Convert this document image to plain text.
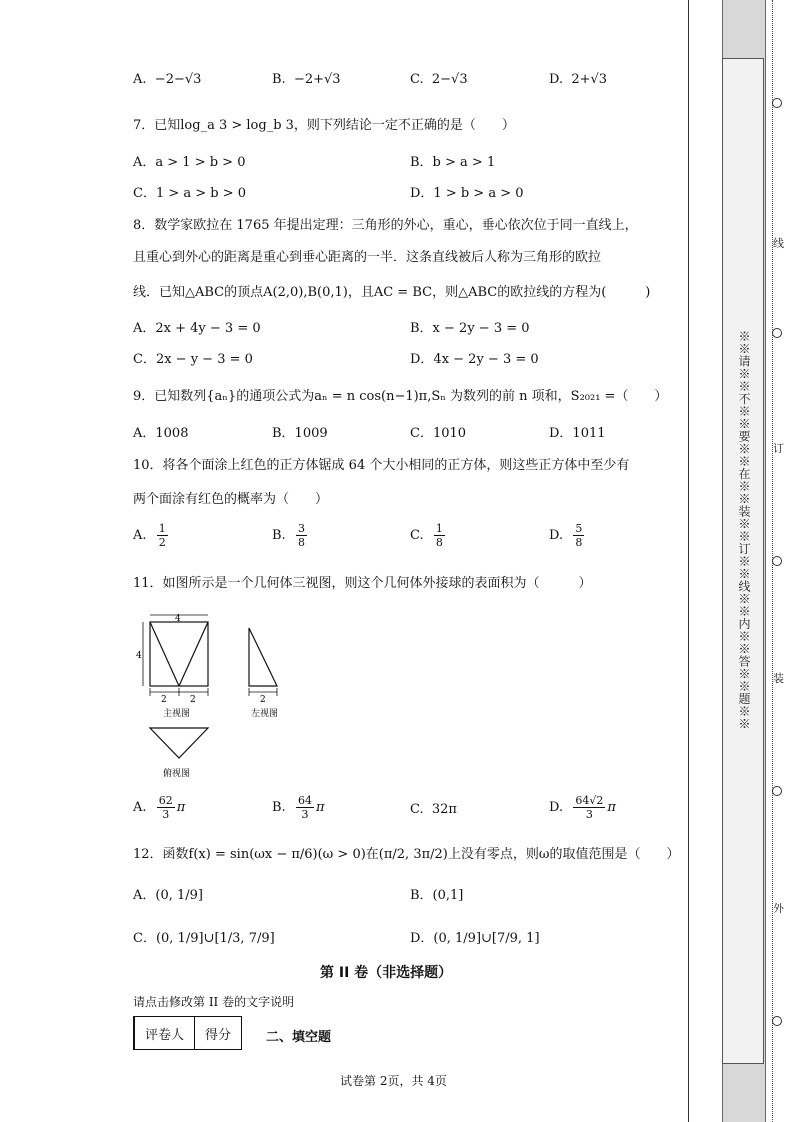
A. −2−√3	B. −2+√3	C. 2−√3	D. 2+√3
7．已知log_a 3 > log_b 3，则下列结论一定不正确的是（　　）
A．a > 1 > b > 0	B．b > a > 1
C．1 > a > b > 0	D．1 > b > a > 0
8．数学家欧拉在 1765 年提出定理：三角形的外心，重心，垂心依次位于同一直线上，
且重心到外心的距离是重心到垂心距离的一半．这条直线被后人称为三角形的欧拉
线．已知△ABC的顶点A(2,0),B(0,1)，且AC = BC，则△ABC的欧拉线的方程为(　　　)
A．2x + 4y − 3 = 0	B．x − 2y − 3 = 0
C．2x − y − 3 = 0	D．4x − 2y − 3 = 0
9．已知数列{aₙ}的通项公式为aₙ = n cos(n−1)π,Sₙ 为数列的前 n 项和，S₂₀₂₁ =（　　）
A．1008	B．1009	C．1010	D．1011
10．将各个面涂上红色的正方体锯成 64 个大小相同的正方体，则这些正方体中至少有
两个面涂有红色的概率为（　　）
A. $\frac{1}{2}$	B. $\frac{3}{8}$	C. $\frac{1}{8}$	D. $\frac{5}{8}$
11．如图所示是一个几何体三视图，则这个几何体外接球的表面积为（　　　）
4
4
2	2
主视图
2
左视图
俯视图
A. $\frac{62}{3}$ π	B. $\frac{64}{3}$ π	C. 32π	D. $\frac{64√2}{3}$ π
12．函数f(x) = sin(ωx − π/6)(ω > 0)在(π/2, 3π/2)上没有零点，则ω的取值范围是（　　）
A．(0, 1/9]	B．(0,1]
C．(0, 1/9]∪[1/3, 7/9]	D．(0, 1/9]∪[7/9, 1]
第 II 卷（非选择题）
请点击修改第 II 卷的文字说明
评卷人	得分	二、填空题
试卷第 2页，共 4页
※※请※※不※※要※※在※※装※※订※※线※※内※※答※※题※※
线
订
装
外
